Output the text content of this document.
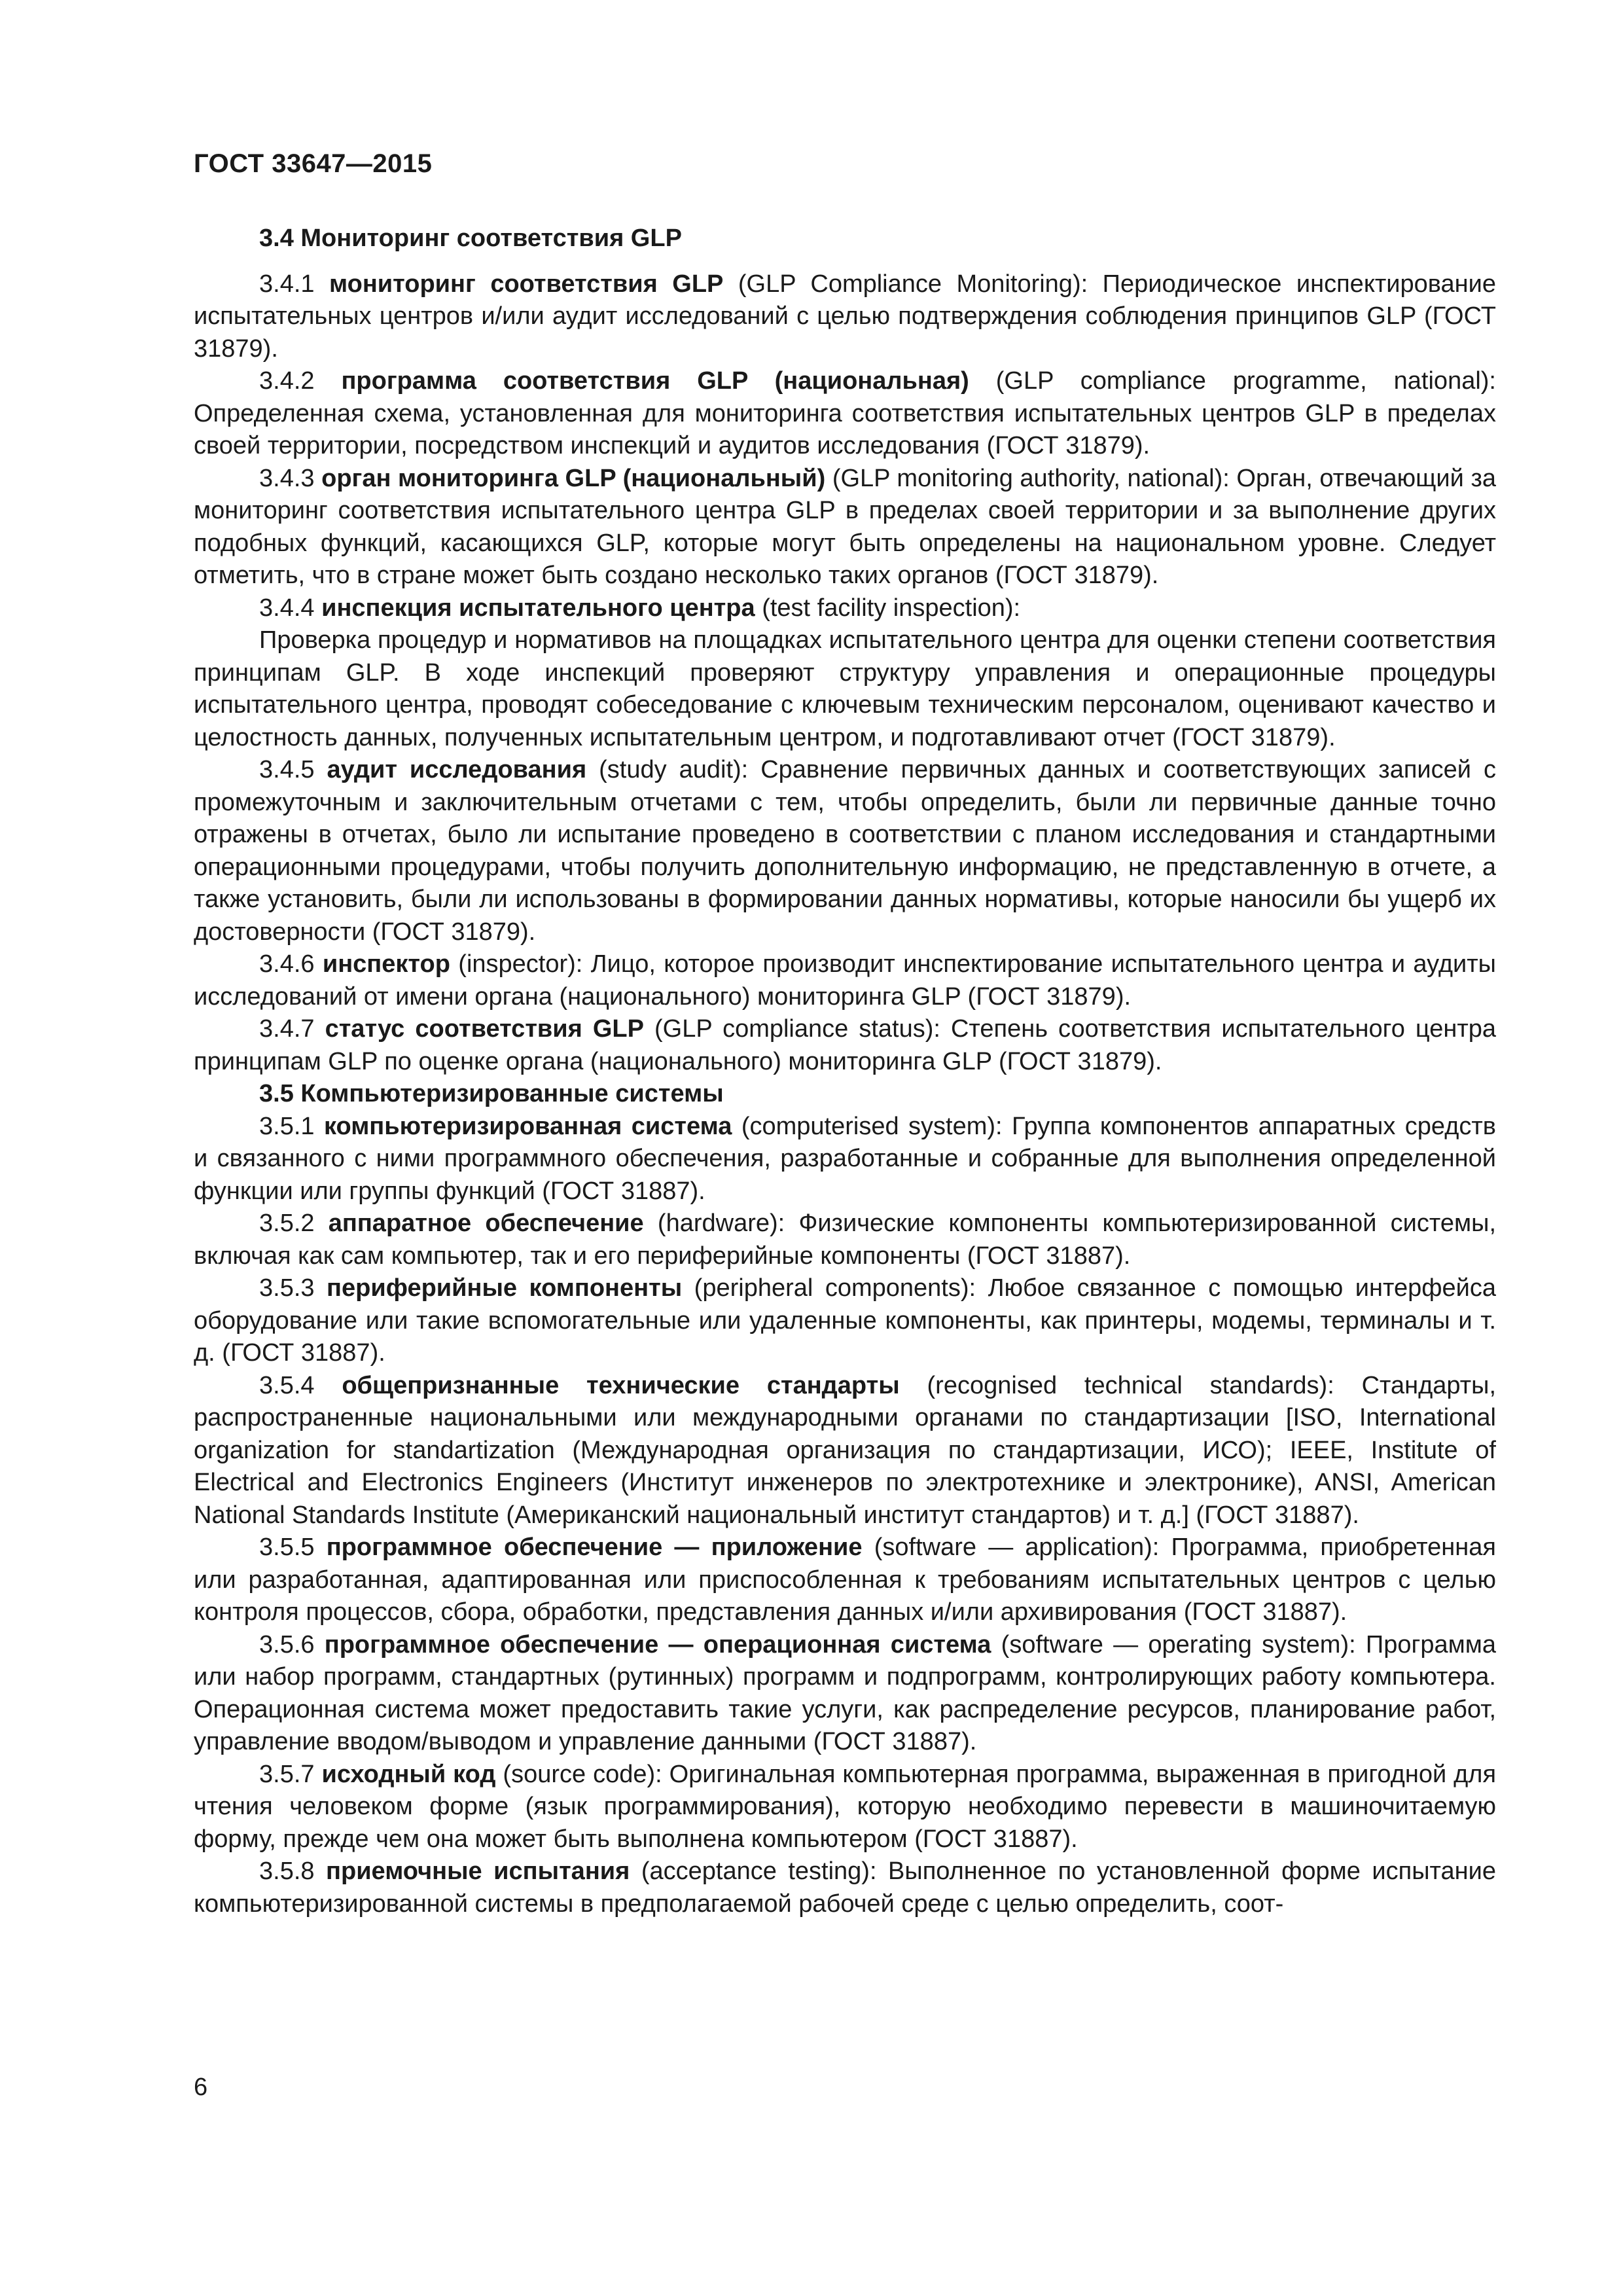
ГОСТ 33647—2015

3.4 Мониторинг соответствия GLP

3.4.1 мониторинг соответствия GLP (GLP Compliance Monitoring): Периодическое инспектирование испытательных центров и/или аудит исследований с целью подтверждения соблюдения принципов GLP (ГОСТ 31879).

3.4.2 программа соответствия GLP (национальная) (GLP compliance programme, national): Определенная схема, установленная для мониторинга соответствия испытательных центров GLP в пределах своей территории, посредством инспекций и аудитов исследования (ГОСТ 31879).

3.4.3 орган мониторинга GLP (национальный) (GLP monitoring authority, national): Орган, отвечающий за мониторинг соответствия испытательного центра GLP в пределах своей территории и за выполнение других подобных функций, касающихся GLP, которые могут быть определены на национальном уровне. Следует отметить, что в стране может быть создано несколько таких органов (ГОСТ 31879).

3.4.4 инспекция испытательного центра (test facility inspection):

Проверка процедур и нормативов на площадках испытательного центра для оценки степени соответствия принципам GLP. В ходе инспекций проверяют структуру управления и операционные процедуры испытательного центра, проводят собеседование с ключевым техническим персоналом, оценивают качество и целостность данных, полученных испытательным центром, и подготавливают отчет (ГОСТ 31879).

3.4.5 аудит исследования (study audit): Сравнение первичных данных и соответствующих записей с промежуточным и заключительным отчетами с тем, чтобы определить, были ли первичные данные точно отражены в отчетах, было ли испытание проведено в соответствии с планом исследования и стандартными операционными процедурами, чтобы получить дополнительную информацию, не представленную в отчете, а также установить, были ли использованы в формировании данных нормативы, которые наносили бы ущерб их достоверности (ГОСТ 31879).

3.4.6 инспектор (inspector): Лицо, которое производит инспектирование испытательного центра и аудиты исследований от имени органа (национального) мониторинга GLP (ГОСТ 31879).

3.4.7 статус соответствия GLP (GLP compliance status): Степень соответствия испытательного центра принципам GLP по оценке органа (национального) мониторинга GLP (ГОСТ 31879).

3.5 Компьютеризированные системы

3.5.1 компьютеризированная система (computerised system): Группа компонентов аппаратных средств и связанного с ними программного обеспечения, разработанные и собранные для выполнения определенной функции или группы функций (ГОСТ 31887).

3.5.2 аппаратное обеспечение (hardware): Физические компоненты компьютеризированной системы, включая как сам компьютер, так и его периферийные компоненты (ГОСТ 31887).

3.5.3 периферийные компоненты (peripheral components): Любое связанное с помощью интерфейса оборудование или такие вспомогательные или удаленные компоненты, как принтеры, модемы, терминалы и т. д. (ГОСТ 31887).

3.5.4 общепризнанные технические стандарты (recognised technical standards): Стандарты, распространенные национальными или международными органами по стандартизации [ISO, International organization for standartization (Международная организация по стандартизации, ИСО); IEEE, Institute of Electrical and Electronics Engineers (Институт инженеров по электротехнике и электронике), ANSI, American National Standards Institute (Американский национальный институт стандартов) и т. д.] (ГОСТ 31887).

3.5.5 программное обеспечение — приложение (software — application): Программа, приобретенная или разработанная, адаптированная или приспособленная к требованиям испытательных центров с целью контроля процессов, сбора, обработки, представления данных и/или архивирования (ГОСТ 31887).

3.5.6 программное обеспечение — операционная система (software — operating system): Программа или набор программ, стандартных (рутинных) программ и подпрограмм, контролирующих работу компьютера. Операционная система может предоставить такие услуги, как распределение ресурсов, планирование работ, управление вводом/выводом и управление данными (ГОСТ 31887).

3.5.7 исходный код (source code): Оригинальная компьютерная программа, выраженная в пригодной для чтения человеком форме (язык программирования), которую необходимо перевести в машиночитаемую форму, прежде чем она может быть выполнена компьютером (ГОСТ 31887).

3.5.8 приемочные испытания (acceptance testing): Выполненное по установленной форме испытание компьютеризированной системы в предполагаемой рабочей среде с целью определить, соот-

6
